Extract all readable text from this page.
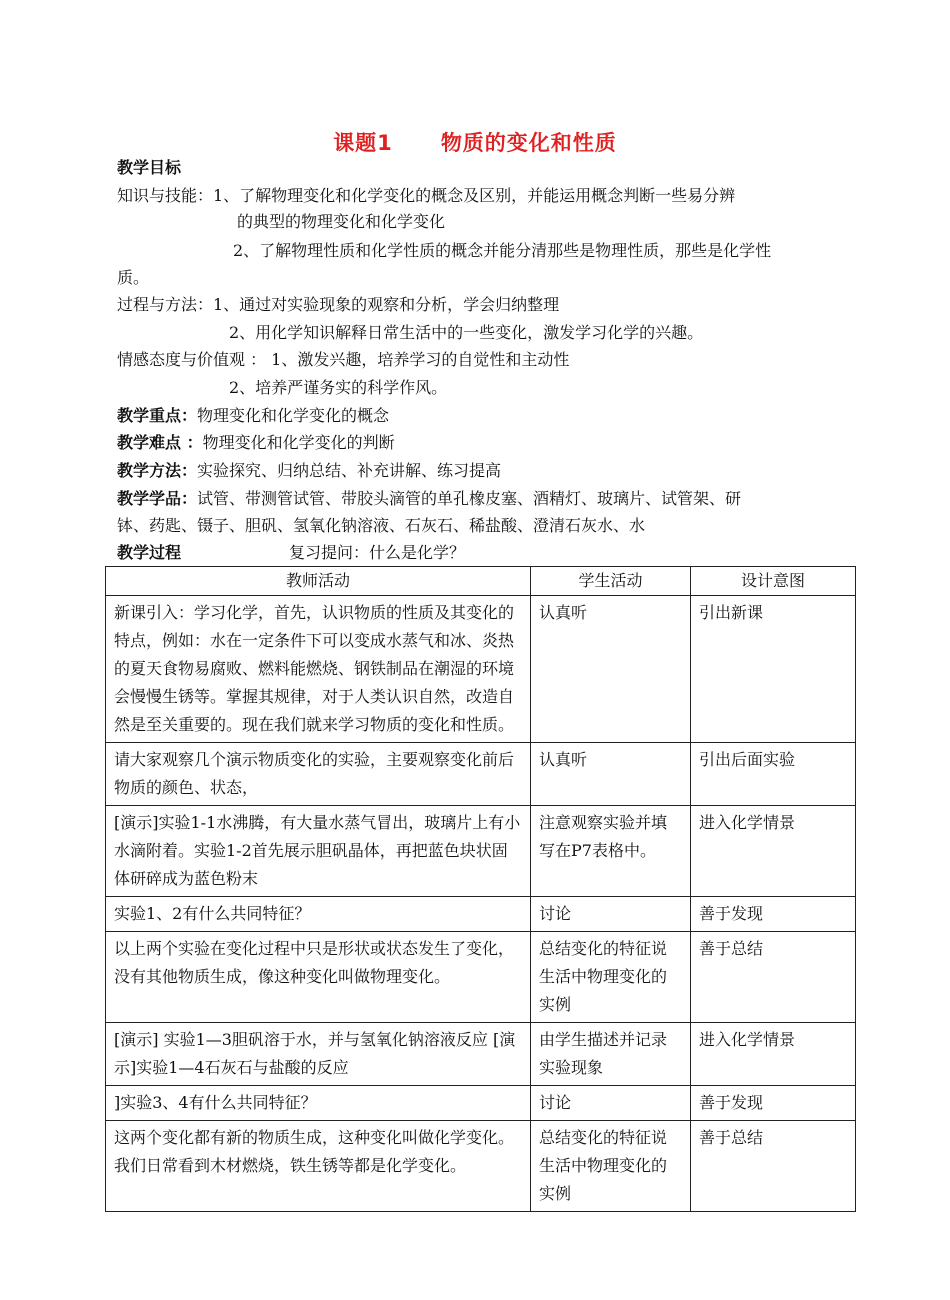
课题1 物质的变化和性质
教学目标
知识与技能：1、了解物理变化和化学变化的概念及区别，并能运用概念判断一些易分辨
的典型的物理变化和化学变化
2、了解物理性质和化学性质的概念并能分清那些是物理性质，那些是化学性
质。
过程与方法：1、通过对实验现象的观察和分析，学会归纳整理
2、用化学知识解释日常生活中的一些变化，激发学习化学的兴趣。
情感态度与价值观 ： 1、激发兴趣，培养学习的自觉性和主动性
2、培养严谨务实的科学作风。
教学重点：物理变化和化学变化的概念
教学难点 ：物理变化和化学变化的判断
教学方法：实验探究、归纳总结、补充讲解、练习提高
教学学品：试管、带测管试管、带胶头滴管的单孔橡皮塞、酒精灯、玻璃片、试管架、研
钵、药匙、镊子、胆矾、氢氧化钠溶液、石灰石、稀盐酸、澄清石灰水、水
教学过程	复习提问：什么是化学？
教师活动	学生活动	设计意图
新课引入：学习化学，首先，认识物质的性质及其变化的特点，例如：水在一定条件下可以变成水蒸气和冰、炎热的夏天食物易腐败、燃料能燃烧、钢铁制品在潮湿的环境会慢慢生锈等。掌握其规律，对于人类认识自然，改造自然是至关重要的。现在我们就来学习物质的变化和性质。	认真听	引出新课
请大家观察几个演示物质变化的实验，主要观察变化前后物质的颜色、状态，	认真听	引出后面实验
[演示]实验1-1水沸腾，有大量水蒸气冒出，玻璃片上有小水滴附着。实验1-2首先展示胆矾晶体，再把蓝色块状固体研碎成为蓝色粉末	注意观察实验并填写在P7表格中。	进入化学情景
实验1、2有什么共同特征？	讨论	善于发现
以上两个实验在变化过程中只是形状或状态发生了变化，没有其他物质生成，像这种变化叫做物理变化。	总结变化的特征说生活中物理变化的实例	善于总结
[演示] 实验1—3胆矾溶于水，并与氢氧化钠溶液反应 [演示]实验1—4石灰石与盐酸的反应	由学生描述并记录实验现象	进入化学情景
]实验3、4有什么共同特征？	讨论	善于发现
这两个变化都有新的物质生成，这种变化叫做化学变化。我们日常看到木材燃烧，铁生锈等都是化学变化。	总结变化的特征说生活中物理变化的实例	善于总结
